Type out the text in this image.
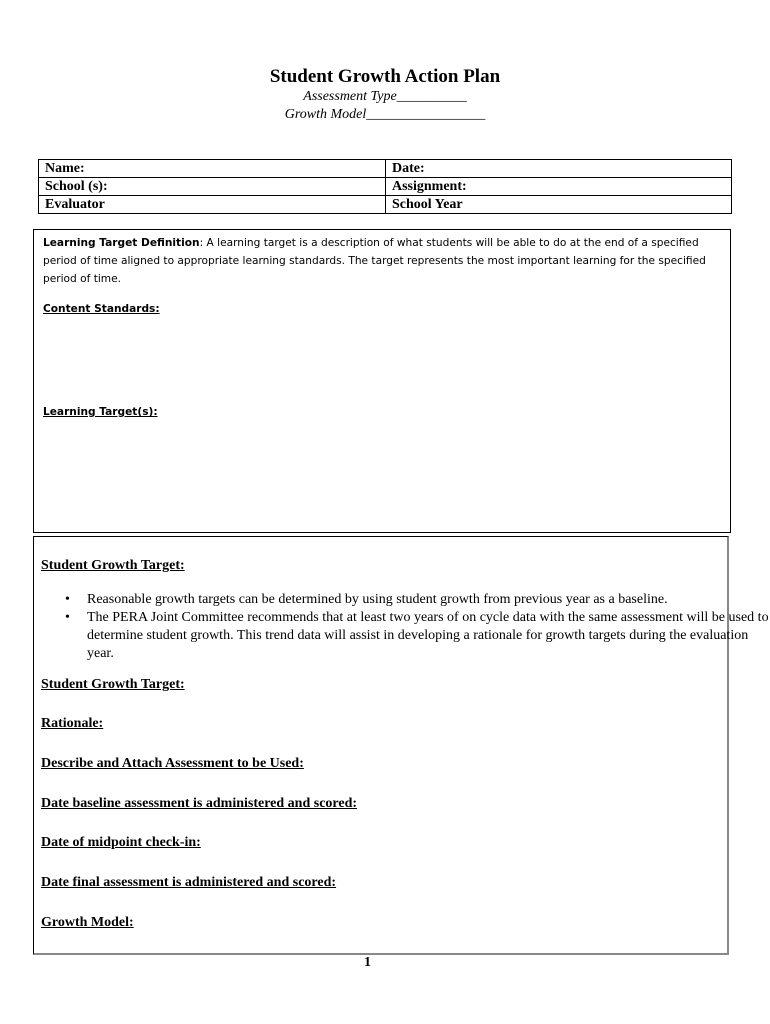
Student Growth Action Plan
Assessment Type__________
Growth Model_________________
Name:	Date:
School (s):	Assignment:
Evaluator	School Year
Learning Target Definition: A learning target is a description of what students will be able to do at the end of a specified period of time aligned to appropriate learning standards. The target represents the most important learning for the specified period of time.
Content Standards:
Learning Target(s):
Student Growth Target:
• Reasonable growth targets can be determined by using student growth from previous year as a baseline.
• The PERA Joint Committee recommends that at least two years of on cycle data with the same assessment will be used to determine student growth. This trend data will assist in developing a rationale for growth targets during the evaluation year.
Student Growth Target:
Rationale:
Describe and Attach Assessment to be Used:
Date baseline assessment is administered and scored:
Date of midpoint check-in:
Date final assessment is administered and scored:
Growth Model:
1
